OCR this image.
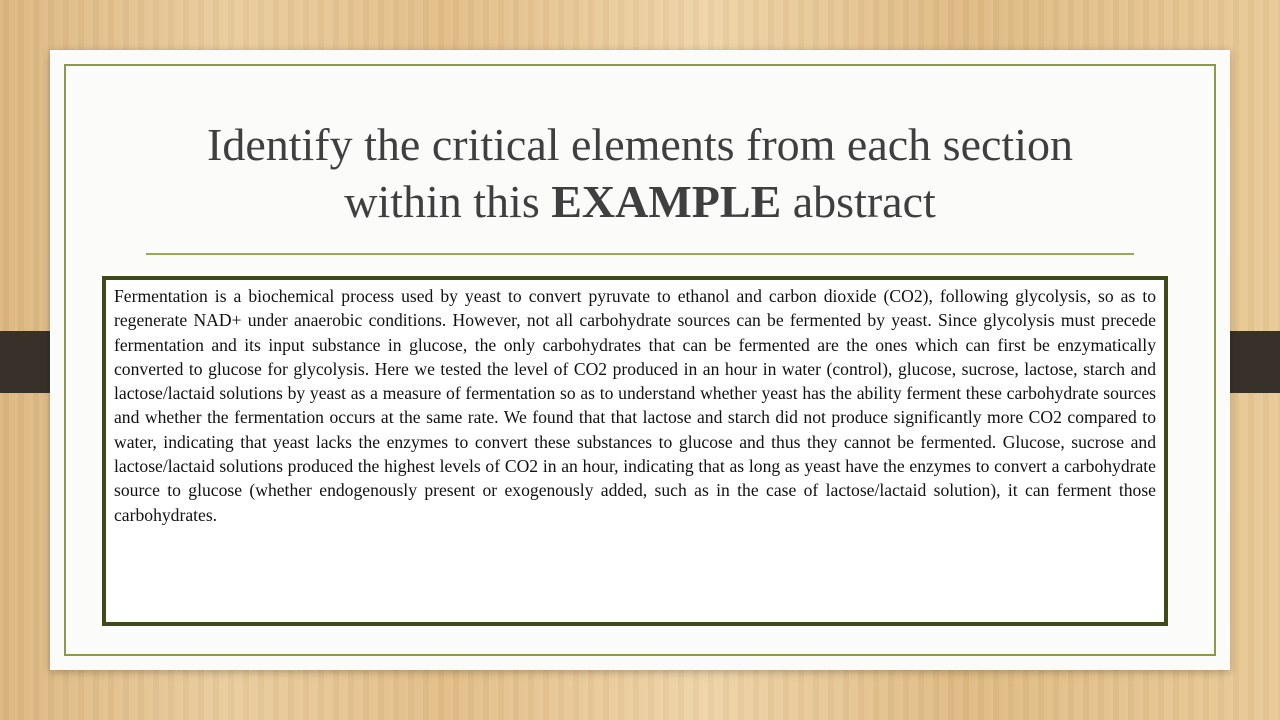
Identify the critical elements from each section
within this EXAMPLE abstract

Fermentation is a biochemical process used by yeast to convert pyruvate to ethanol and carbon dioxide (CO2), following glycolysis, so as to regenerate NAD+ under anaerobic conditions. However, not all carbohydrate sources can be fermented by yeast. Since glycolysis must precede fermentation and its input substance in glucose, the only carbohydrates that can be fermented are the ones which can first be enzymatically converted to glucose for glycolysis. Here we tested the level of CO2 produced in an hour in water (control), glucose, sucrose, lactose, starch and lactose/lactaid solutions by yeast as a measure of fermentation so as to understand whether yeast has the ability ferment these carbohydrate sources and whether the fermentation occurs at the same rate. We found that that lactose and starch did not produce significantly more CO2 compared to water, indicating that yeast lacks the enzymes to convert these substances to glucose and thus they cannot be fermented. Glucose, sucrose and lactose/lactaid solutions produced the highest levels of CO2 in an hour, indicating that as long as yeast have the enzymes to convert a carbohydrate source to glucose (whether endogenously present or exogenously added, such as in the case of lactose/lactaid solution), it can ferment those carbohydrates.
